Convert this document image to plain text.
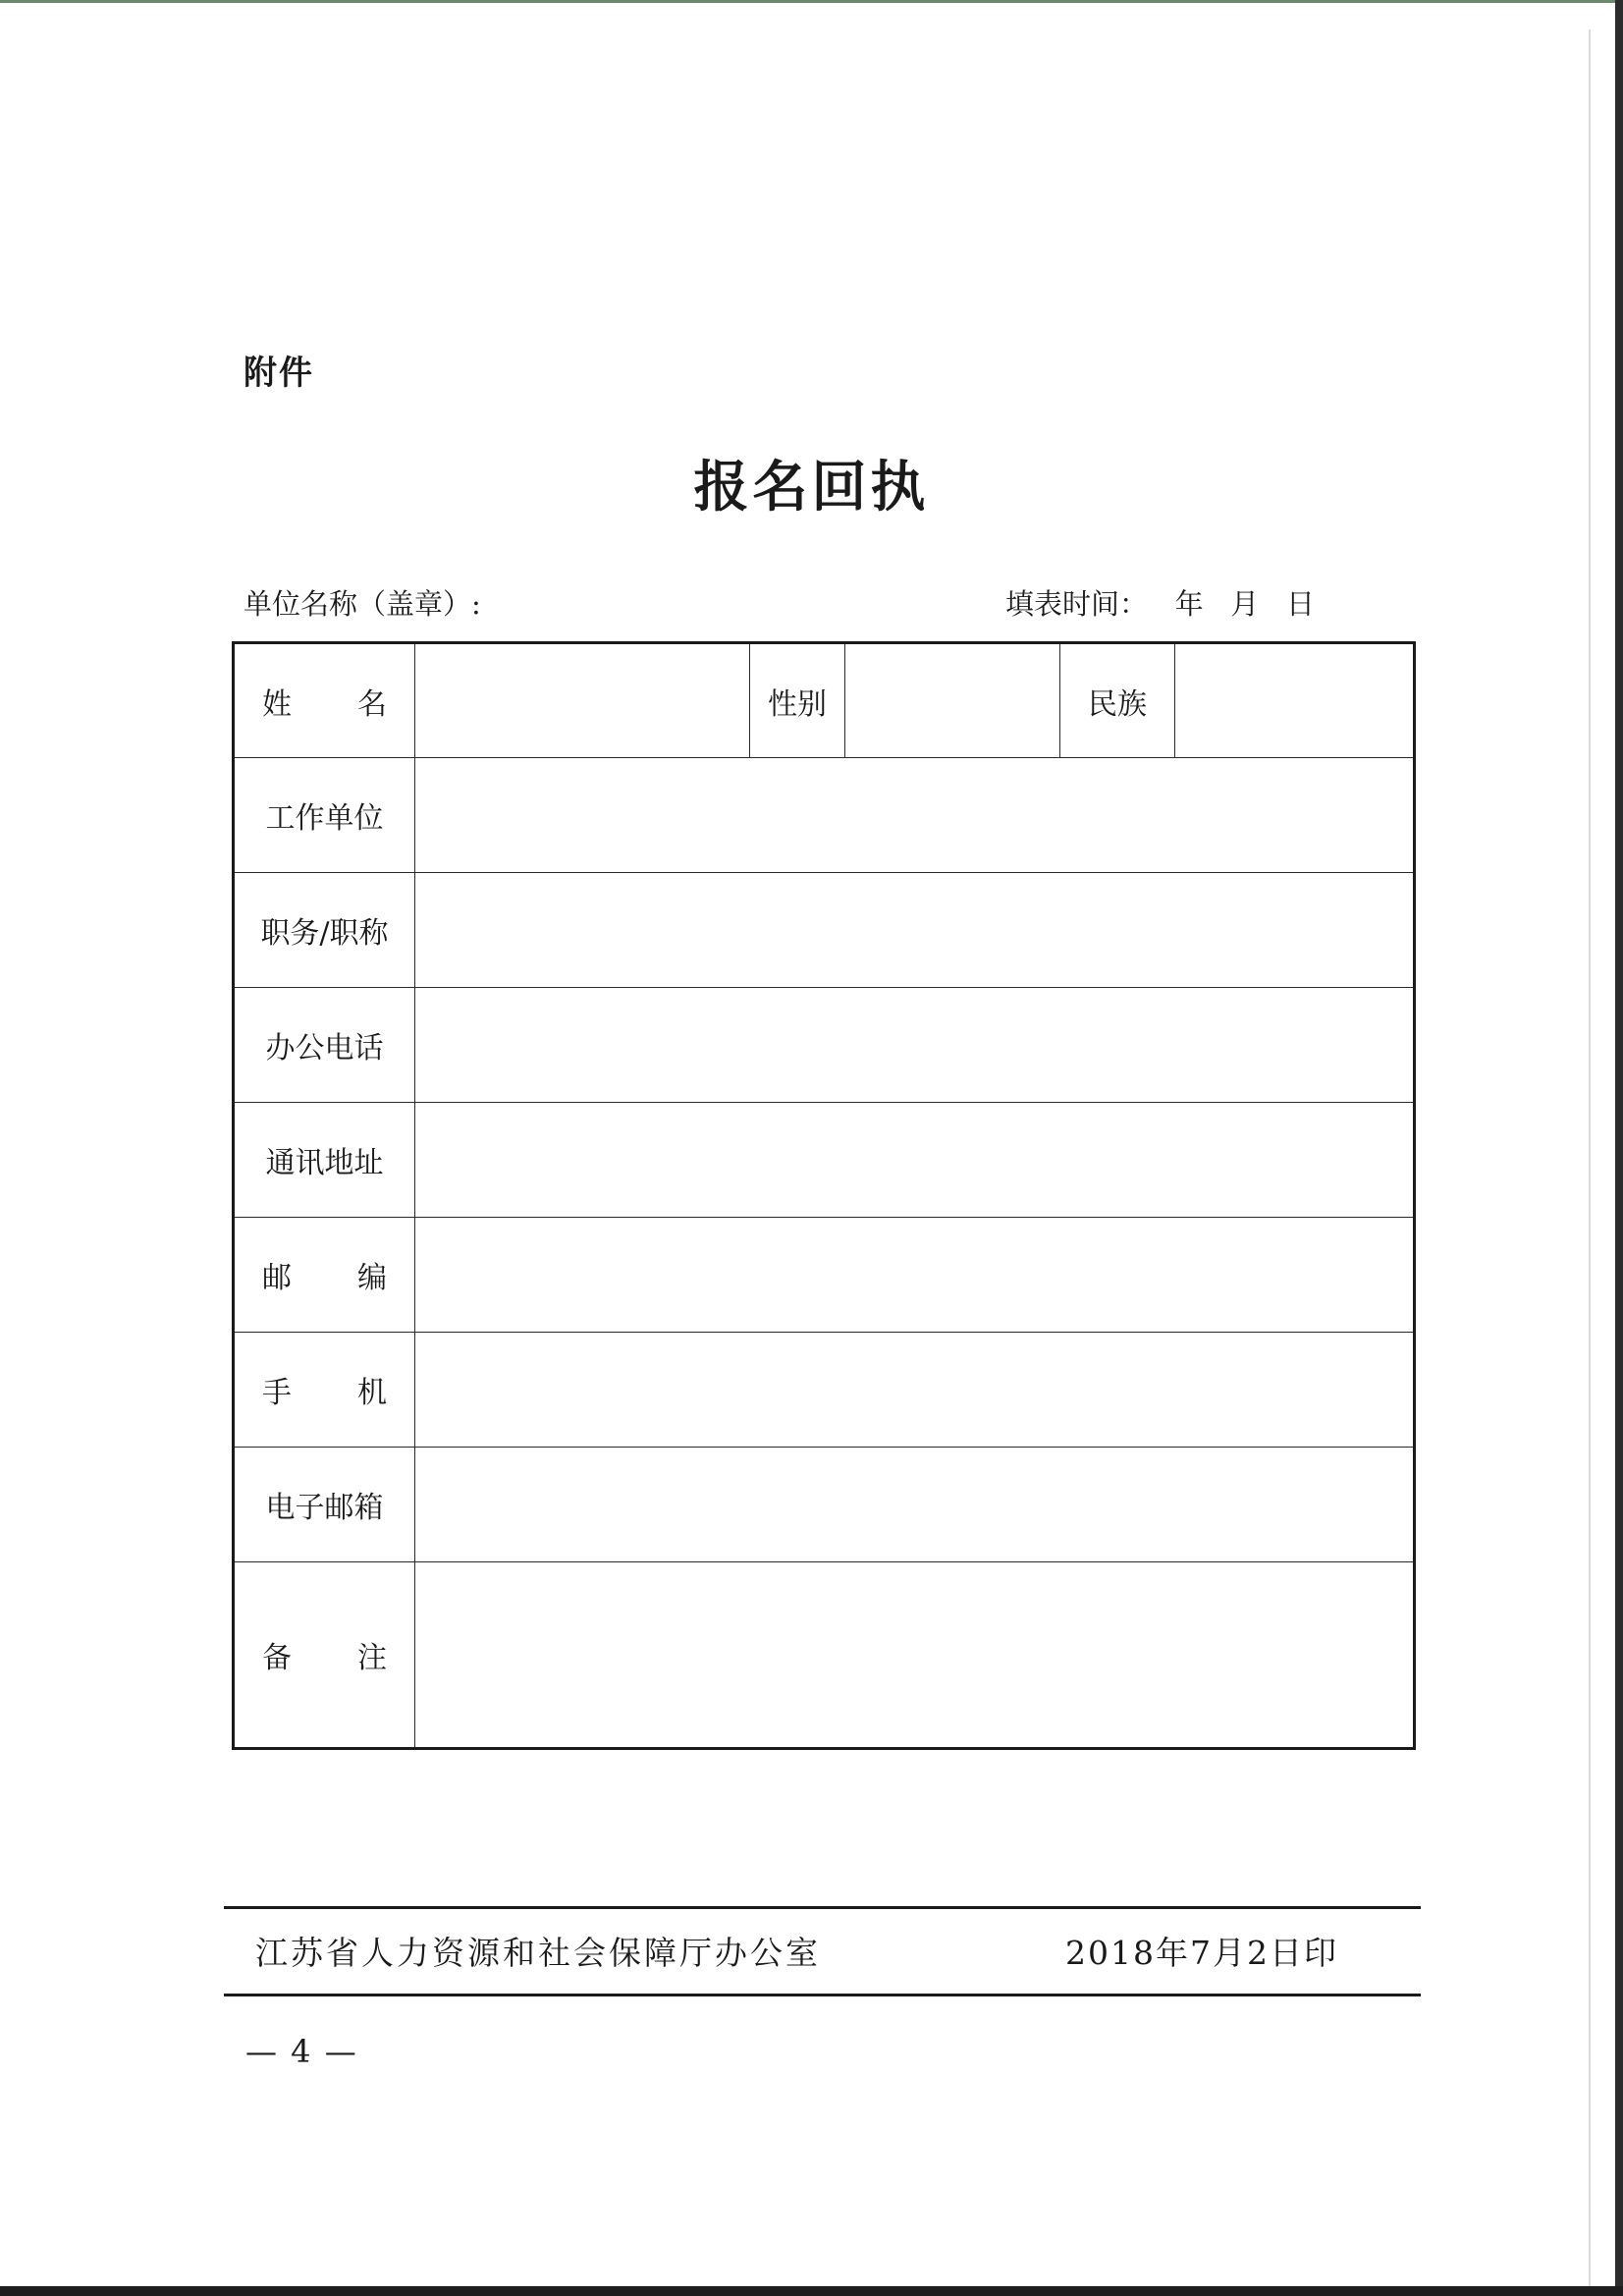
附件
报名回执
单位名称（盖章）:	填表时间：   年   月   日
姓 名		性别		民族	
工作单位					
职务/职称					
办公电话					
通讯地址					

邮 编					

手 机					

电子邮箱					

备 注					

江苏省人力资源和社会保障厅办公室	2018年7月2日印
— 4 —
